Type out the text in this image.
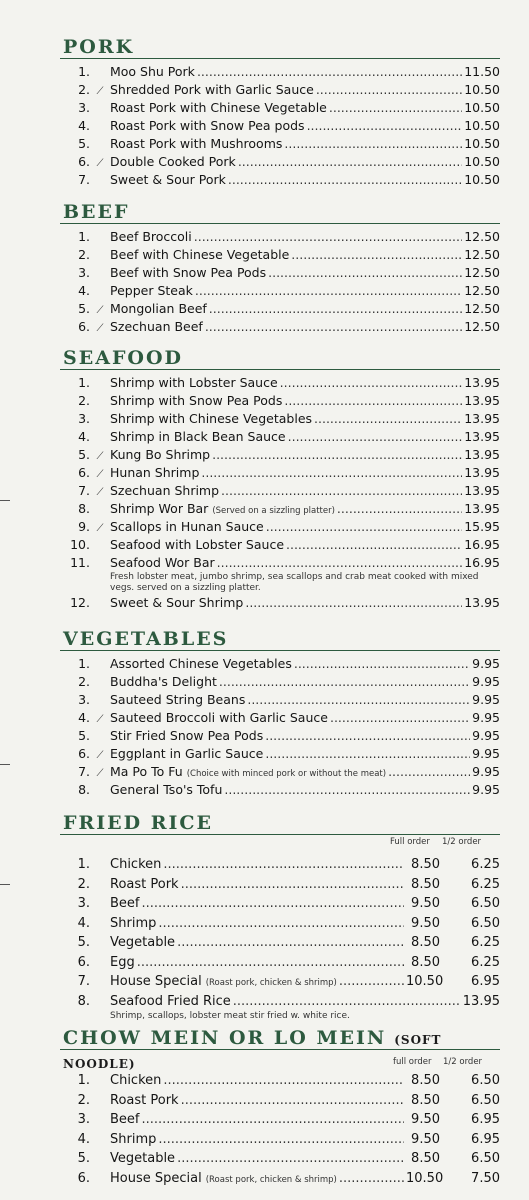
PORK
1. Moo Shu Pork .....	11.50
2. ⟋ Shredded Pork with Garlic Sauce .....	10.50
3. Roast Pork with Chinese Vegetable .....	10.50
4. Roast Pork with Snow Pea pods .....	10.50
5. Roast Pork with Mushrooms .....	10.50
6. ⟋ Double Cooked Pork .....	10.50
7. Sweet & Sour Pork .....	10.50
BEEF
1. Beef Broccoli .....	12.50
2. Beef with Chinese Vegetable .....	12.50
3. Beef with Snow Pea Pods .....	12.50
4. Pepper Steak .....	12.50
5. ⟋ Mongolian Beef .....	12.50
6. ⟋ Szechuan Beef .....	12.50
SEAFOOD
1. Shrimp with Lobster Sauce .....	13.95
2. Shrimp with Snow Pea Pods .....	13.95
3. Shrimp with Chinese Vegetables .....	13.95
4. Shrimp in Black Bean Sauce .....	13.95
5. ⟋ Kung Bo Shrimp .....	13.95
6. ⟋ Hunan Shrimp .....	13.95
7. ⟋ Szechuan Shrimp .....	13.95
8. Shrimp Wor Bar (Served on a sizzling platter) .....	13.95
9. ⟋ Scallops in Hunan Sauce .....	15.95
10. Seafood with Lobster Sauce .....	16.95
11. Seafood Wor Bar .....	16.95
Fresh lobster meat, jumbo shrimp, sea scallops and crab meat cooked with mixed vegs. served on a sizzling platter.
12. Sweet & Sour Shrimp .....	13.95
VEGETABLES
1. Assorted Chinese Vegetables .....	9.95
2. Buddha's Delight .....	9.95
3. Sauteed String Beans .....	9.95
4. ⟋ Sauteed Broccoli with Garlic Sauce .....	9.95
5. Stir Fried Snow Pea Pods .....	9.95
6. ⟋ Eggplant in Garlic Sauce .....	9.95
7. ⟋ Ma Po To Fu (Choice with minced pork or without the meat) .....	9.95
8. General Tso's Tofu .....	9.95
FRIED RICE
Full order 1/2 order
1. Chicken .....	8.50	6.25
2. Roast Pork .....	8.50	6.25
3. Beef .....	9.50	6.50
4. Shrimp .....	9.50	6.50
5. Vegetable .....	8.50	6.25
6. Egg .....	8.50	6.25
7. House Special (Roast pork, chicken & shrimp) .....	10.50	6.95
8. Seafood Fried Rice .....	13.95
Shrimp, scallops, lobster meat stir fried w. white rice.
CHOW MEIN OR LO MEIN (SOFT NOODLE)	full order 1/2 order
1. Chicken .....	8.50	6.50
2. Roast Pork .....	8.50	6.50
3. Beef .....	9.50	6.95
4. Shrimp .....	9.50	6.95
5. Vegetable .....	8.50	6.50
6. House Special (Roast pork, chicken & shrimp) .....	10.50	7.50
